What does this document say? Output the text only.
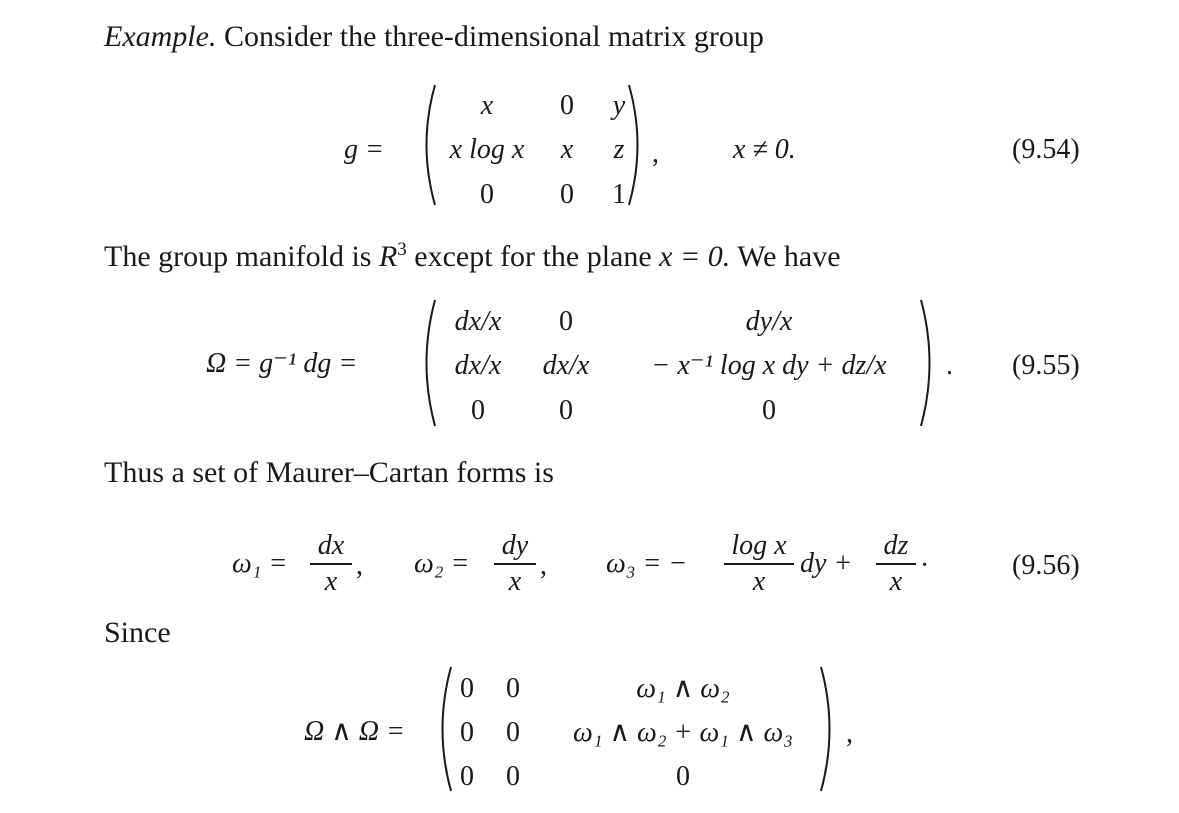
Example. Consider the three-dimensional matrix group
g =
x	0	y
x log x	x	z
0	0 1
,	x ≠ 0.	(9.54)
The group manifold is $R^3$ except for the plane x = 0. We have
Ω = g⁻¹ dg =
dx/x	0	dy/x
dx/x	dx/x	− x⁻¹ log x dy + dz/x
0	0	0
. (9.55)
Thus a set of Maurer–Cartan forms is
ω₁ =
dx
x
, ω₂ =
dy
x
, ω₃ = −
log x
x
dy +
dz
x
·	(9.56)
Since
Ω ∧ Ω =
0 0	ω₁ ∧ ω₂
0 0	ω₁ ∧ ω₂ + ω₁ ∧ ω₃
0 0	0
,
